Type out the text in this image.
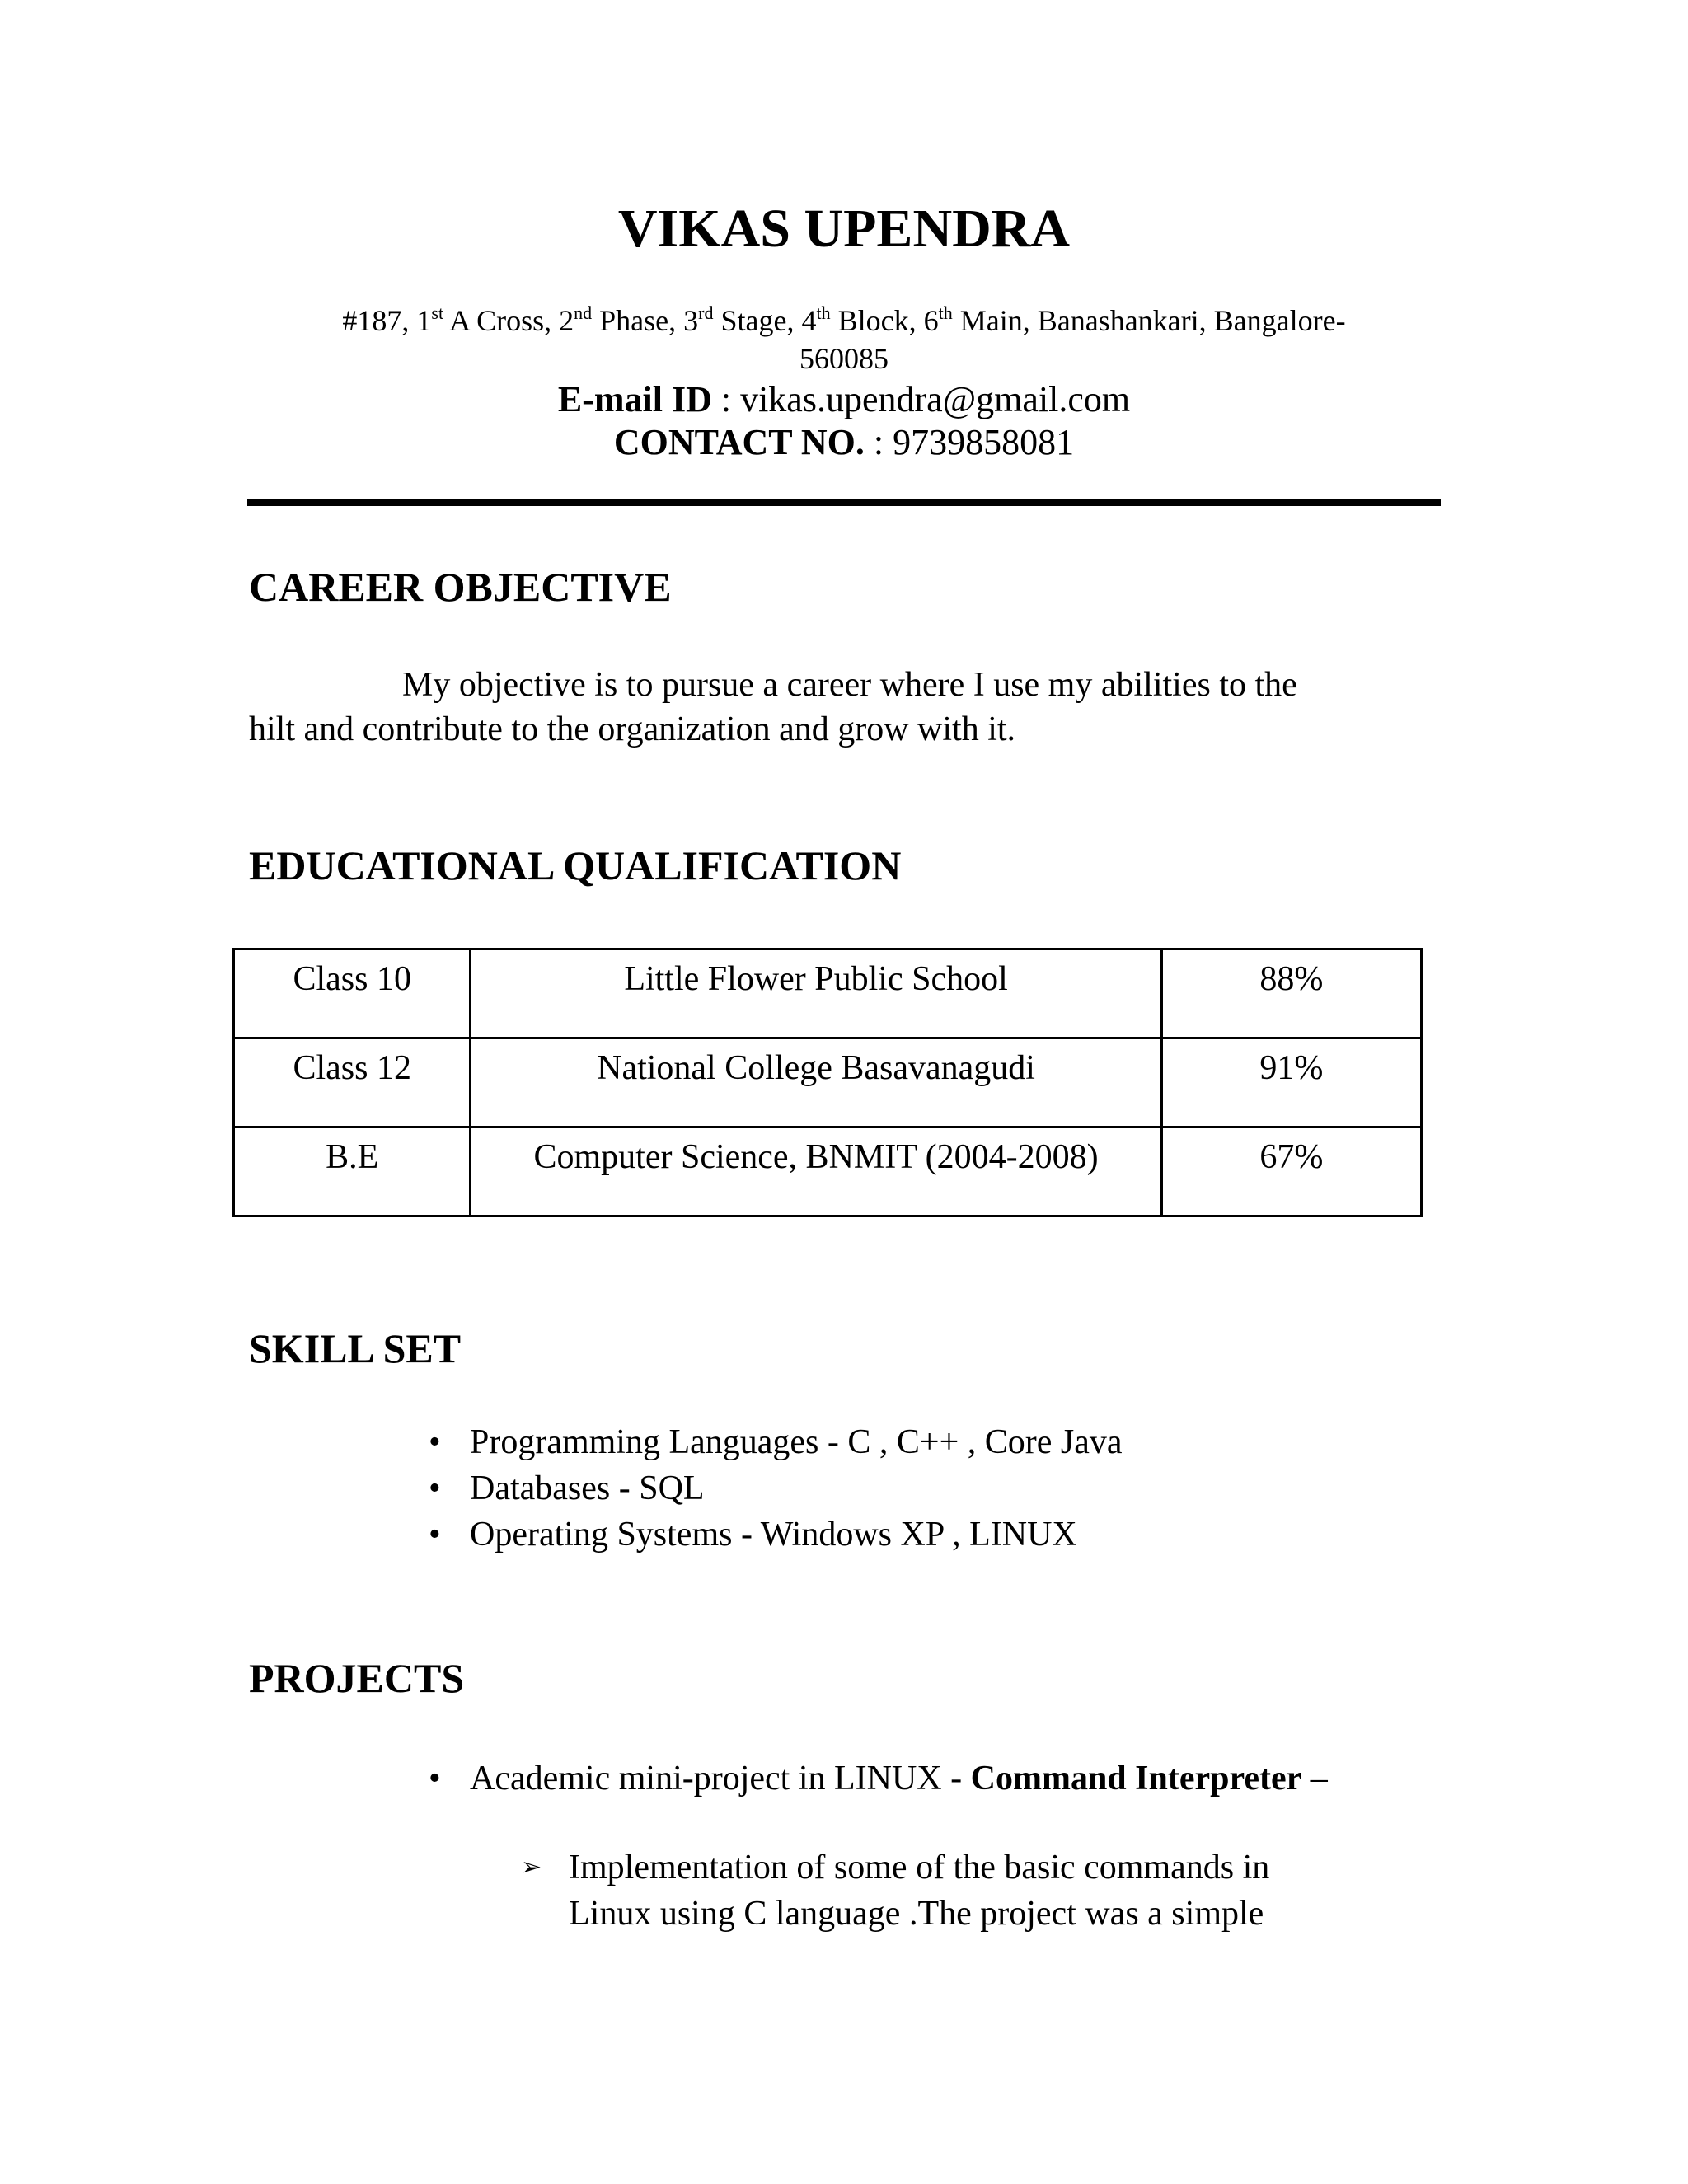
VIKAS UPENDRA
#187, 1st A Cross, 2nd Phase, 3rd Stage, 4th Block, 6th Main, Banashankari, Bangalore-
560085
E-mail ID : vikas.upendra@gmail.com
CONTACT NO. : 9739858081
CAREER OBJECTIVE
My objective is to pursue a career where I use my abilities to the
hilt and contribute to the organization and grow with it.
EDUCATIONAL QUALIFICATION
Class 10	Little Flower Public School	88%
Class 12	National College Basavanagudi	91%
B.E	Computer Science, BNMIT (2004-2008)	67%
SKILL SET
• Programming Languages - C , C++ , Core Java
• Databases - SQL
• Operating Systems - Windows XP , LINUX
PROJECTS
• Academic mini-project in LINUX - Command Interpreter –
➢ Implementation of some of the basic commands in
Linux using C language .The project was a simple
